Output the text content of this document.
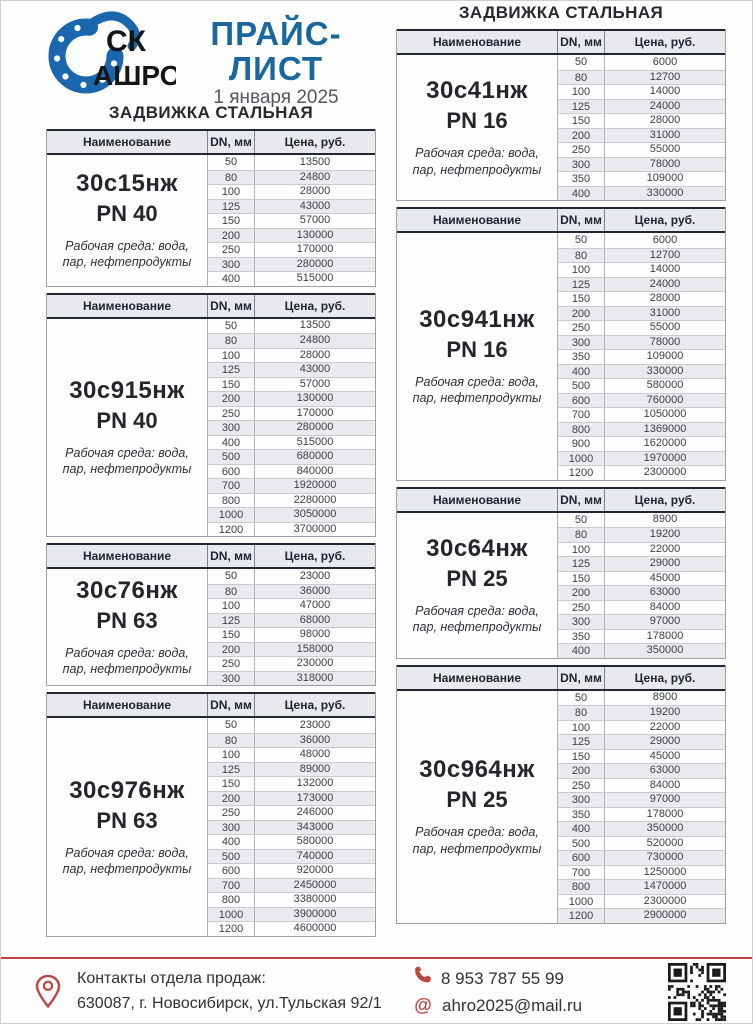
СК
АШРО
ПРАЙС-ЛИСТ
1 января 2025
ЗАДВИЖКА СТАЛЬНАЯ
Наименование	DN, мм	Цена, руб.
30с15нж
PN 40
Рабочая среда: вода, пар, нефтепродукты
50	13500
80	24800
100	28000
125	43000
150	57000
200	130000
250	170000
300	280000
400	515000
Наименование	DN, мм	Цена, руб.
30с915нж
PN 40
Рабочая среда: вода, пар, нефтепродукты
50	13500
80	24800
100	28000
125	43000
150	57000
200	130000
250	170000
300	280000
400	515000
500	680000
600	840000
700	1920000
800	2280000
1000	3050000
1200	3700000
Наименование	DN, мм	Цена, руб.
30с76нж
PN 63
Рабочая среда: вода, пар, нефтепродукты
50	23000
80	36000
100	47000
125	68000
150	98000
200	158000
250	230000
300	318000
Наименование	DN, мм	Цена, руб.
30с976нж
PN 63
Рабочая среда: вода, пар, нефтепродукты
50	23000
80	36000
100	48000
125	89000
150	132000
200	173000
250	246000
300	343000
400	580000
500	740000
600	920000
700	2450000
800	3380000
1000	3900000
1200	4600000
ЗАДВИЖКА СТАЛЬНАЯ
Наименование	DN, мм	Цена, руб.
30с41нж
PN 16
Рабочая среда: вода, пар, нефтепродукты
50	6000
80	12700
100	14000
125	24000
150	28000
200	31000
250	55000
300	78000
350	109000
400	330000
Наименование	DN, мм	Цена, руб.
30с941нж
PN 16
Рабочая среда: вода, пар, нефтепродукты
50	6000
80	12700
100	14000
125	24000
150	28000
200	31000
250	55000
300	78000
350	109000
400	330000
500	580000
600	760000
700	1050000
800	1369000
900	1620000
1000	1970000
1200	2300000
Наименование	DN, мм	Цена, руб.
30с64нж
PN 25
Рабочая среда: вода, пар, нефтепродукты
50	8900
80	19200
100	22000
125	29000
150	45000
200	63000
250	84000
300	97000
350	178000
400	350000
Наименование	DN, мм	Цена, руб.
30с964нж
PN 25
Рабочая среда: вода, пар, нефтепродукты
50	8900
80	19200
100	22000
125	29000
150	45000
200	63000
250	84000
300	97000
350	178000
400	350000
500	520000
600	730000
700	1250000
800	1470000
1000	2300000
1200	2900000
Контакты отдела продаж:
630087, г. Новосибирск, ул.Тульская 92/1
8 953 787 55 99
@ ahro2025@mail.ru
